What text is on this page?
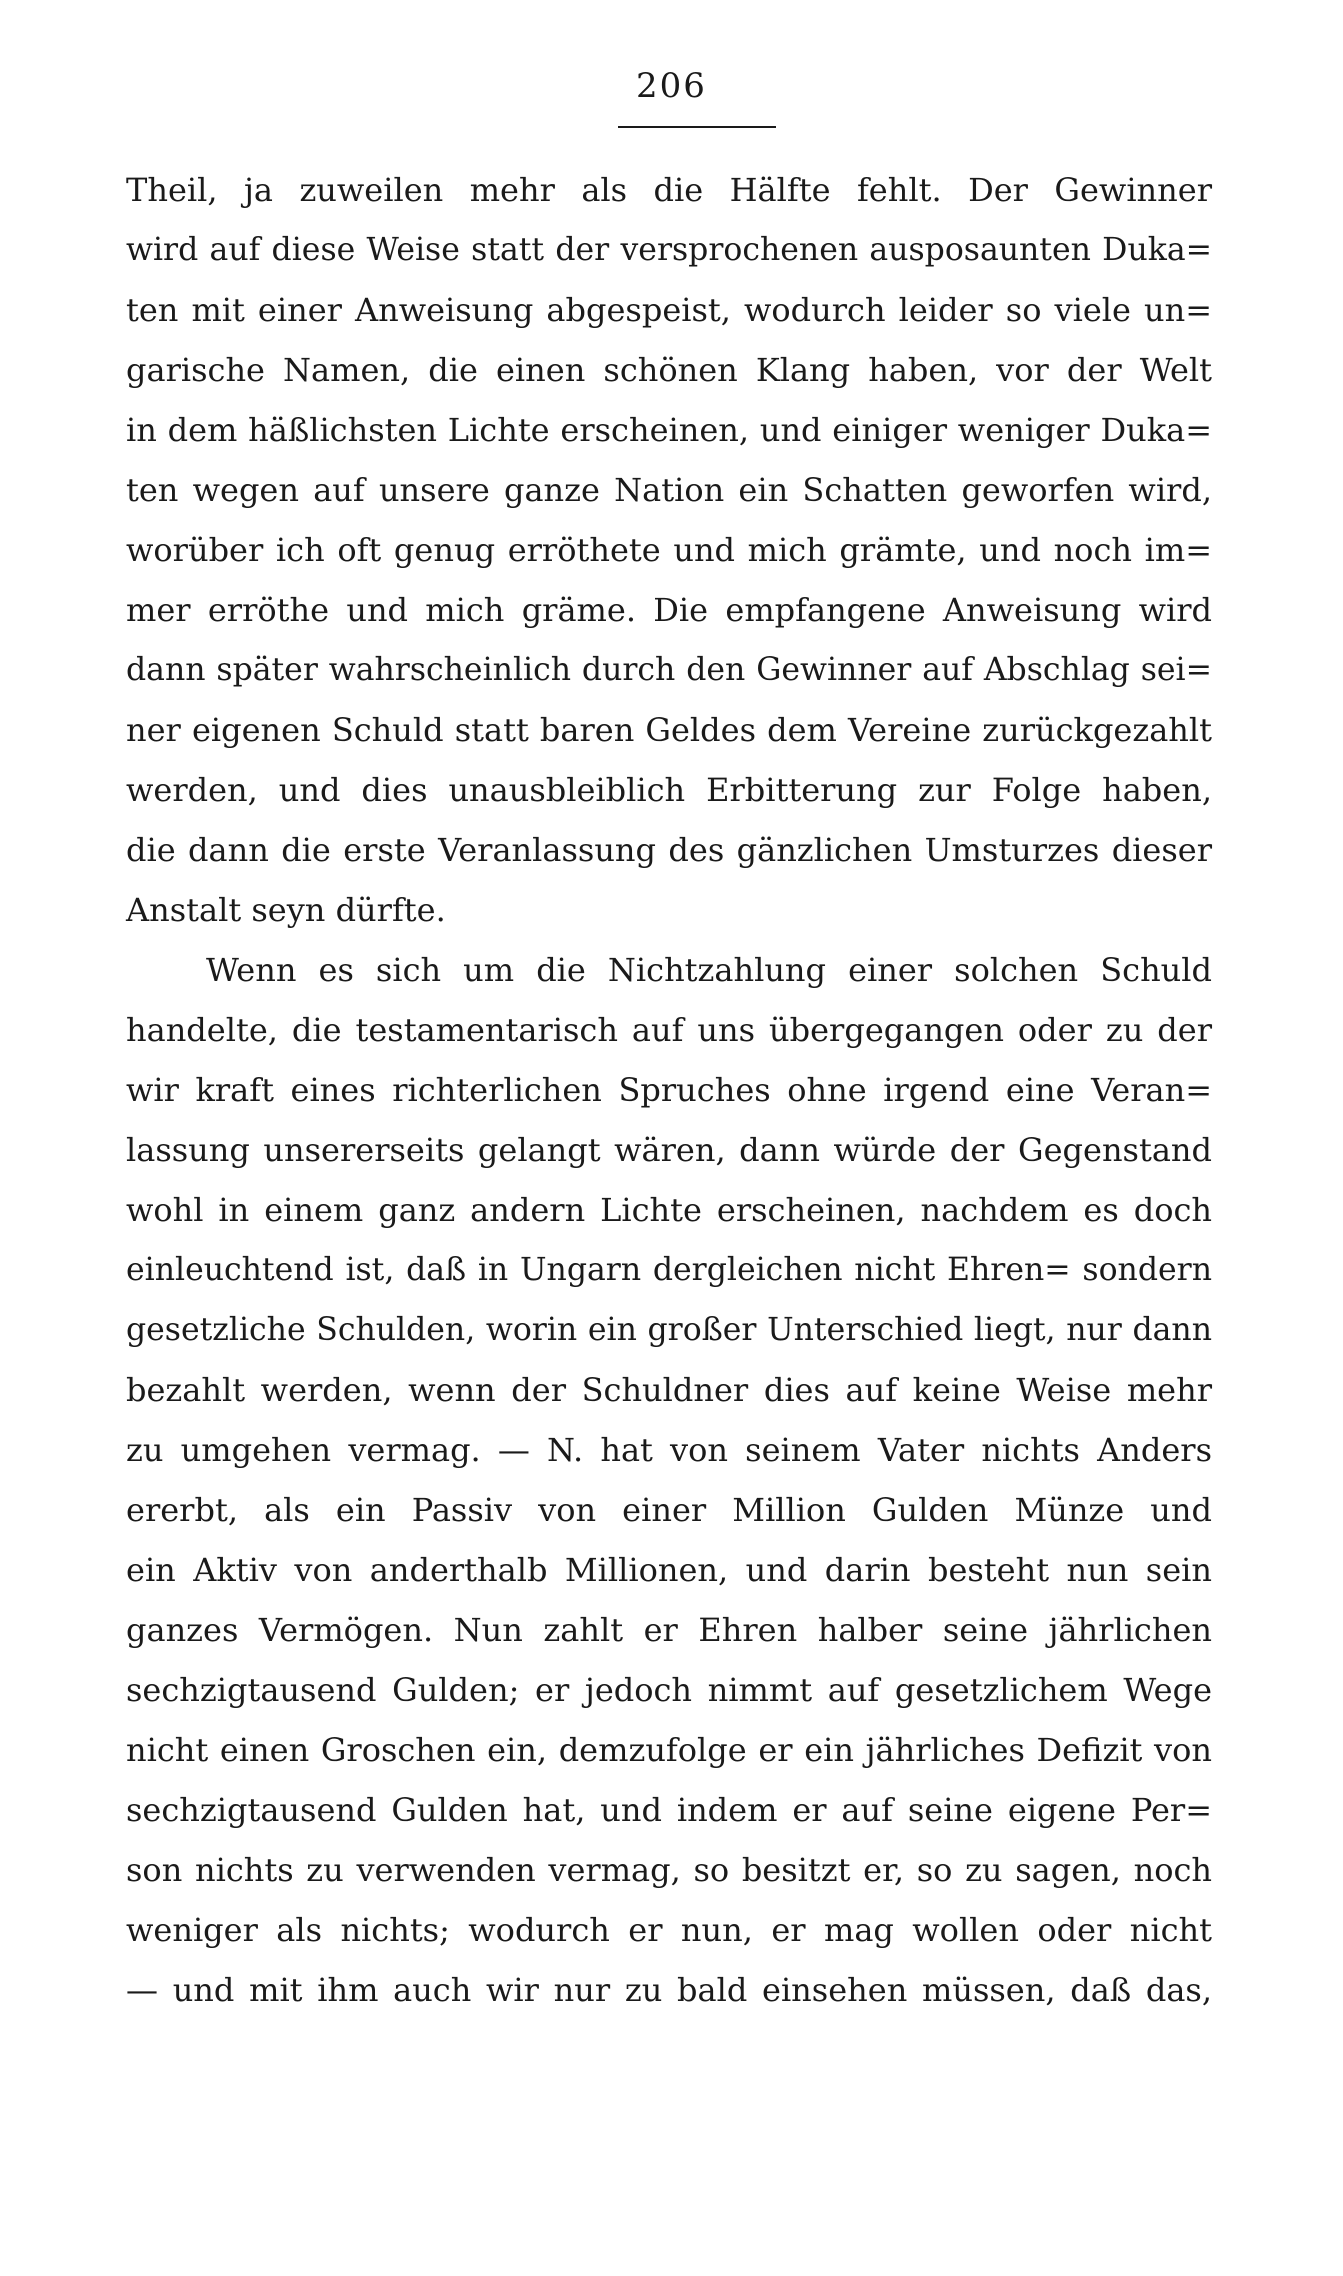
206
Theil, ja zuweilen mehr als die Hälfte fehlt. Der Gewinner
wird auf diese Weise statt der versprochenen ausposaunten Duka=
ten mit einer Anweisung abgespeist, wodurch leider so viele un=
garische Namen, die einen schönen Klang haben, vor der Welt
in dem häßlichsten Lichte erscheinen, und einiger weniger Duka=
ten wegen auf unsere ganze Nation ein Schatten geworfen wird,
worüber ich oft genug erröthete und mich grämte, und noch im=
mer erröthe und mich gräme. Die empfangene Anweisung wird
dann später wahrscheinlich durch den Gewinner auf Abschlag sei=
ner eigenen Schuld statt baren Geldes dem Vereine zurückgezahlt
werden, und dies unausbleiblich Erbitterung zur Folge haben,
die dann die erste Veranlassung des gänzlichen Umsturzes dieser
Anstalt seyn dürfte.
Wenn es sich um die Nichtzahlung einer solchen Schuld
handelte, die testamentarisch auf uns übergegangen oder zu der
wir kraft eines richterlichen Spruches ohne irgend eine Veran=
lassung unsererseits gelangt wären, dann würde der Gegenstand
wohl in einem ganz andern Lichte erscheinen, nachdem es doch
einleuchtend ist, daß in Ungarn dergleichen nicht Ehren= sondern
gesetzliche Schulden, worin ein großer Unterschied liegt, nur dann
bezahlt werden, wenn der Schuldner dies auf keine Weise mehr
zu umgehen vermag. — N. hat von seinem Vater nichts Anders
ererbt, als ein Passiv von einer Million Gulden Münze und
ein Aktiv von anderthalb Millionen, und darin besteht nun sein
ganzes Vermögen. Nun zahlt er Ehren halber seine jährlichen
sechzigtausend Gulden; er jedoch nimmt auf gesetzlichem Wege
nicht einen Groschen ein, demzufolge er ein jährliches Defizit von
sechzigtausend Gulden hat, und indem er auf seine eigene Per=
son nichts zu verwenden vermag, so besitzt er, so zu sagen, noch
weniger als nichts; wodurch er nun, er mag wollen oder nicht
— und mit ihm auch wir nur zu bald einsehen müssen, daß das,
